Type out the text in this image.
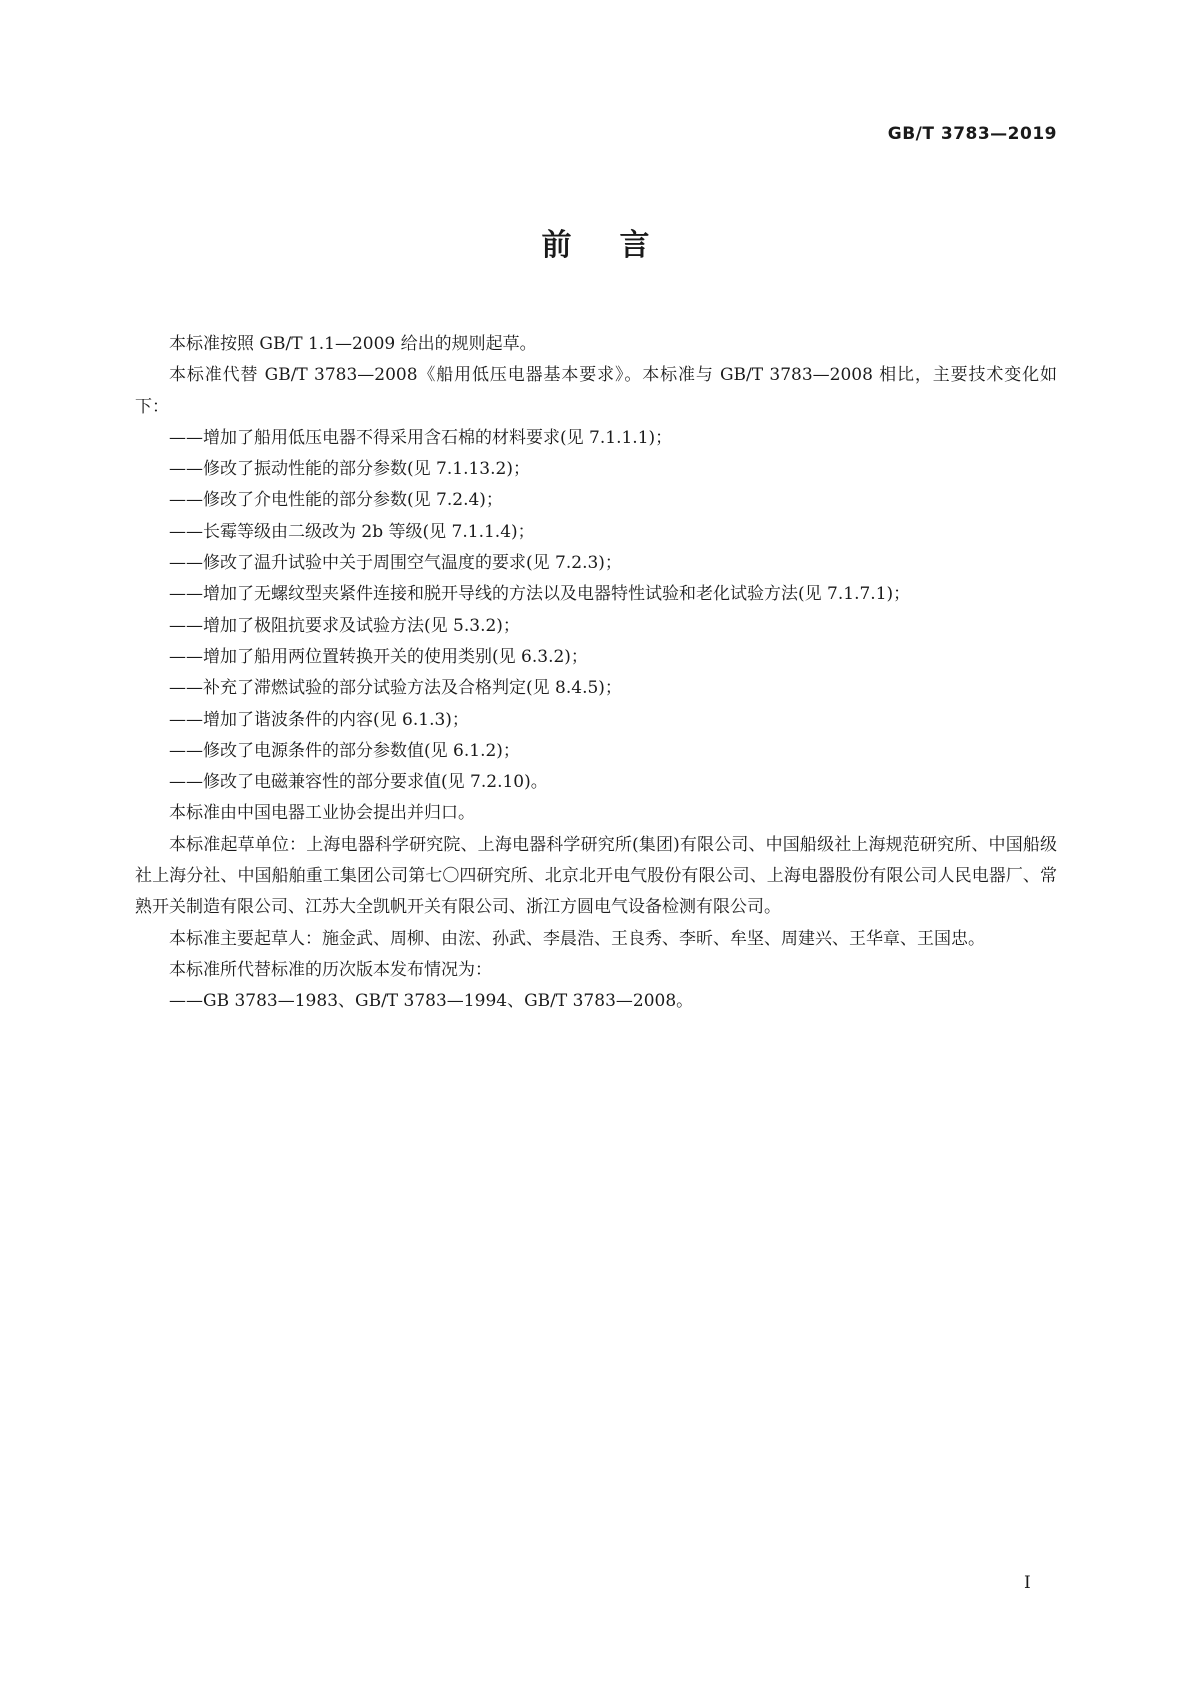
GB/T 3783—2019
前言

本标准按照 GB/T 1.1—2009 给出的规则起草。

本标准代替 GB/T 3783—2008《船用低压电器基本要求》。本标准与 GB/T 3783—2008 相比，主要技术变化如下：

——增加了船用低压电器不得采用含石棉的材料要求(见 7.1.1.1)；

——修改了振动性能的部分参数(见 7.1.13.2)；

——修改了介电性能的部分参数(见 7.2.4)；

——长霉等级由二级改为 2b 等级(见 7.1.1.4)；

——修改了温升试验中关于周围空气温度的要求(见 7.2.3)；

——增加了无螺纹型夹紧件连接和脱开导线的方法以及电器特性试验和老化试验方法(见 7.1.7.1)；

——增加了极阻抗要求及试验方法(见 5.3.2)；

——增加了船用两位置转换开关的使用类别(见 6.3.2)；

——补充了滞燃试验的部分试验方法及合格判定(见 8.4.5)；

——增加了谐波条件的内容(见 6.1.3)；

——修改了电源条件的部分参数值(见 6.1.2)；

——修改了电磁兼容性的部分要求值(见 7.2.10)。

本标准由中国电器工业协会提出并归口。

本标准起草单位：上海电器科学研究院、上海电器科学研究所(集团)有限公司、中国船级社上海规范研究所、中国船级社上海分社、中国船舶重工集团公司第七〇四研究所、北京北开电气股份有限公司、上海电器股份有限公司人民电器厂、常熟开关制造有限公司、江苏大全凯帆开关有限公司、浙江方圆电气设备检测有限公司。

本标准主要起草人：施金武、周柳、由浤、孙武、李晨浩、王良秀、李昕、牟坚、周建兴、王华章、王国忠。

本标准所代替标准的历次版本发布情况为：

——GB 3783—1983、GB/T 3783—1994、GB/T 3783—2008。

I
